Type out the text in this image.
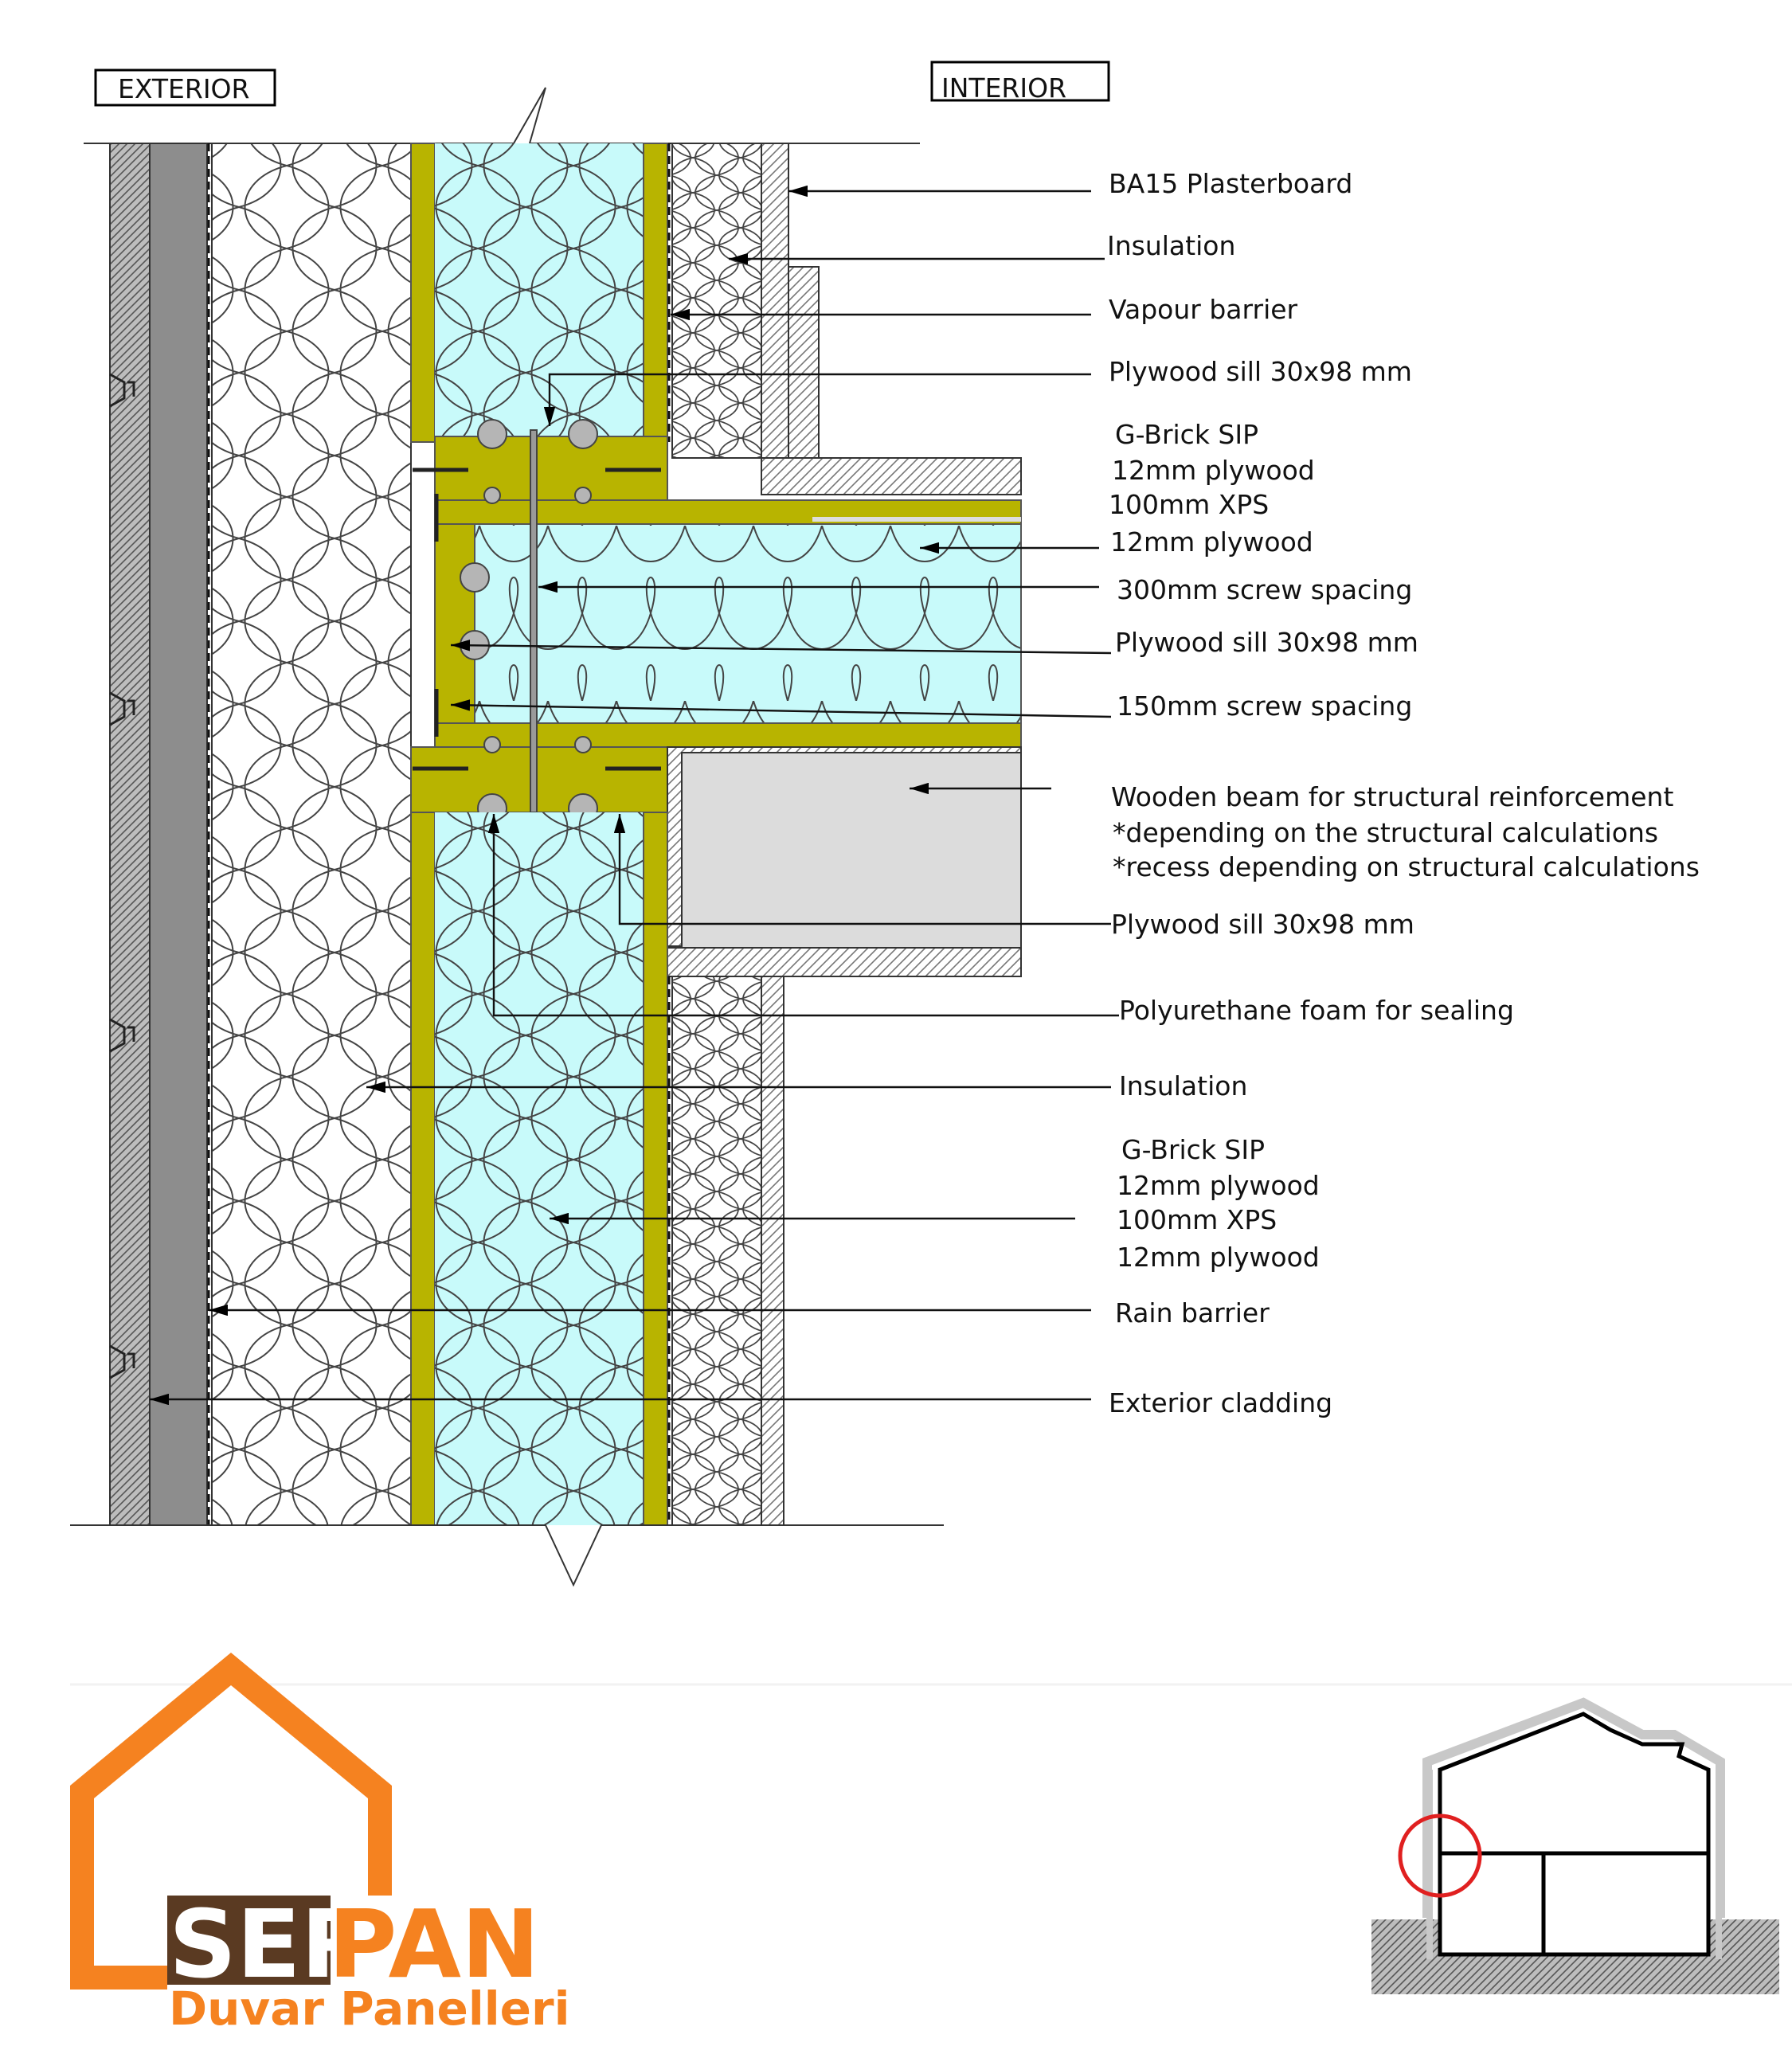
EXTERIOR	INTERIOR
BA15 Plasterboard
Insulation
Vapour barrier
Plywood sill 30x98 mm
G-Brick SIP
12mm plywood
100mm XPS
12mm plywood
300mm screw spacing
Plywood sill 30x98 mm
150mm screw spacing
Wooden beam for structural reinforcement
*depending on the structural calculations
*recess depending on structural calculations
Plywood sill 30x98 mm
Polyurethane foam for sealing
Insulation
G-Brick SIP
12mm plywood
100mm XPS
12mm plywood
Rain barrier
Exterior cladding
SER
PAN
Duvar Panelleri
